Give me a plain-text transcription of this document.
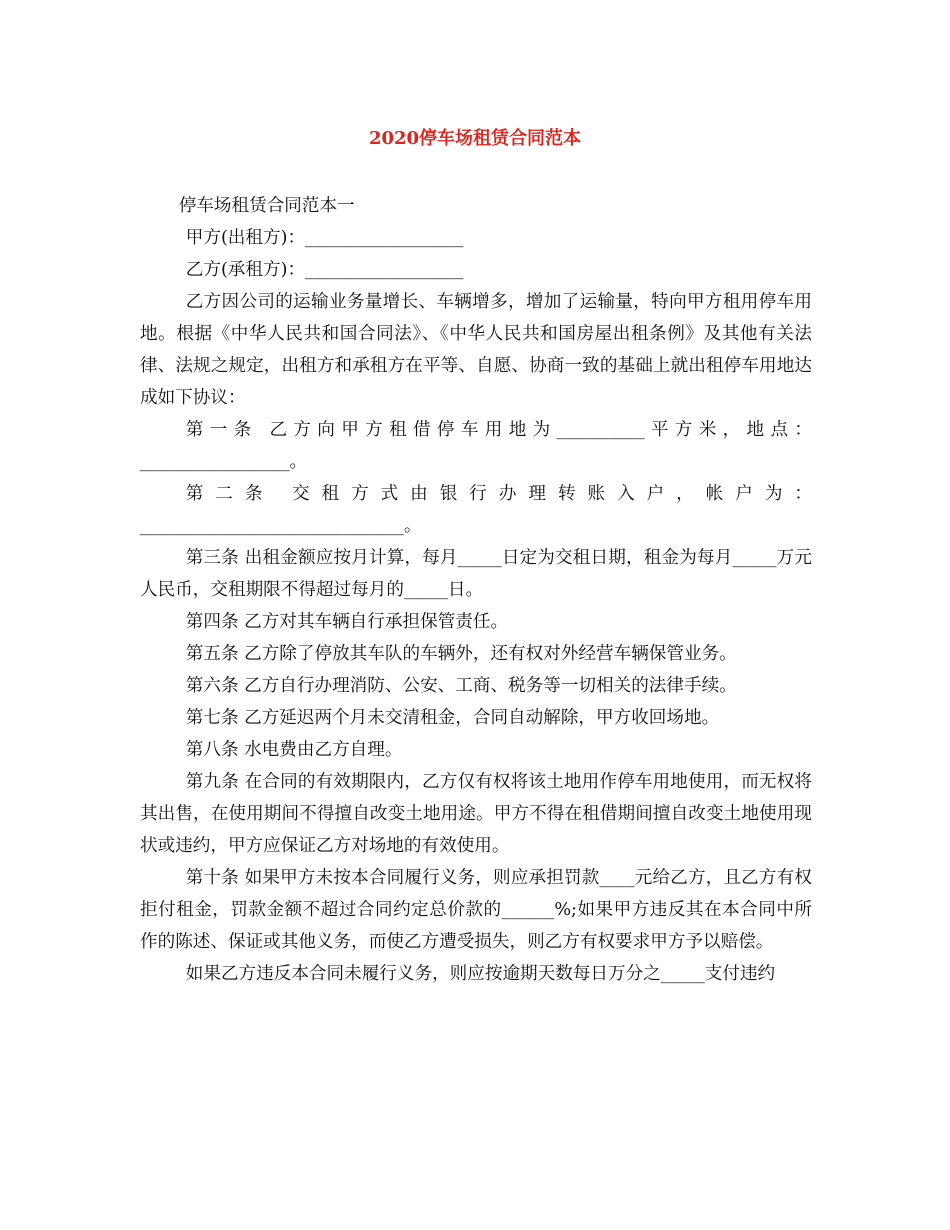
2020停车场租赁合同范本

停车场租赁合同范本一

甲方(出租方)：__________________

乙方(承租方)：__________________

乙方因公司的运输业务量增长、车辆增多，增加了运输量，特向甲方租用停车用地。根据《中华人民共和国合同法》、《中华人民共和国房屋出租条例》及其他有关法律、法规之规定，出租方和承租方在平等、自愿、协商一致的基础上就出租停车用地达成如下协议：

第一条 乙方向甲方租借停车用地为__________平方米，地点：_________________。

第二条 交租方式由银行办理转账入户，帐户为：______________________________。

第三条 出租金额应按月计算，每月_____日定为交租日期，租金为每月_____万元人民币，交租期限不得超过每月的_____日。

第四条 乙方对其车辆自行承担保管责任。

第五条 乙方除了停放其车队的车辆外，还有权对外经营车辆保管业务。

第六条 乙方自行办理消防、公安、工商、税务等一切相关的法律手续。

第七条 乙方延迟两个月未交清租金，合同自动解除，甲方收回场地。

第八条 水电费由乙方自理。

第九条 在合同的有效期限内，乙方仅有权将该土地用作停车用地使用，而无权将其出售，在使用期间不得擅自改变土地用途。甲方不得在租借期间擅自改变土地使用现状或违约，甲方应保证乙方对场地的有效使用。

第十条 如果甲方未按本合同履行义务，则应承担罚款____元给乙方，且乙方有权拒付租金，罚款金额不超过合同约定总价款的______%;如果甲方违反其在本合同中所作的陈述、保证或其他义务，而使乙方遭受损失，则乙方有权要求甲方予以赔偿。

如果乙方违反本合同未履行义务，则应按逾期天数每日万分之_____支付违约
